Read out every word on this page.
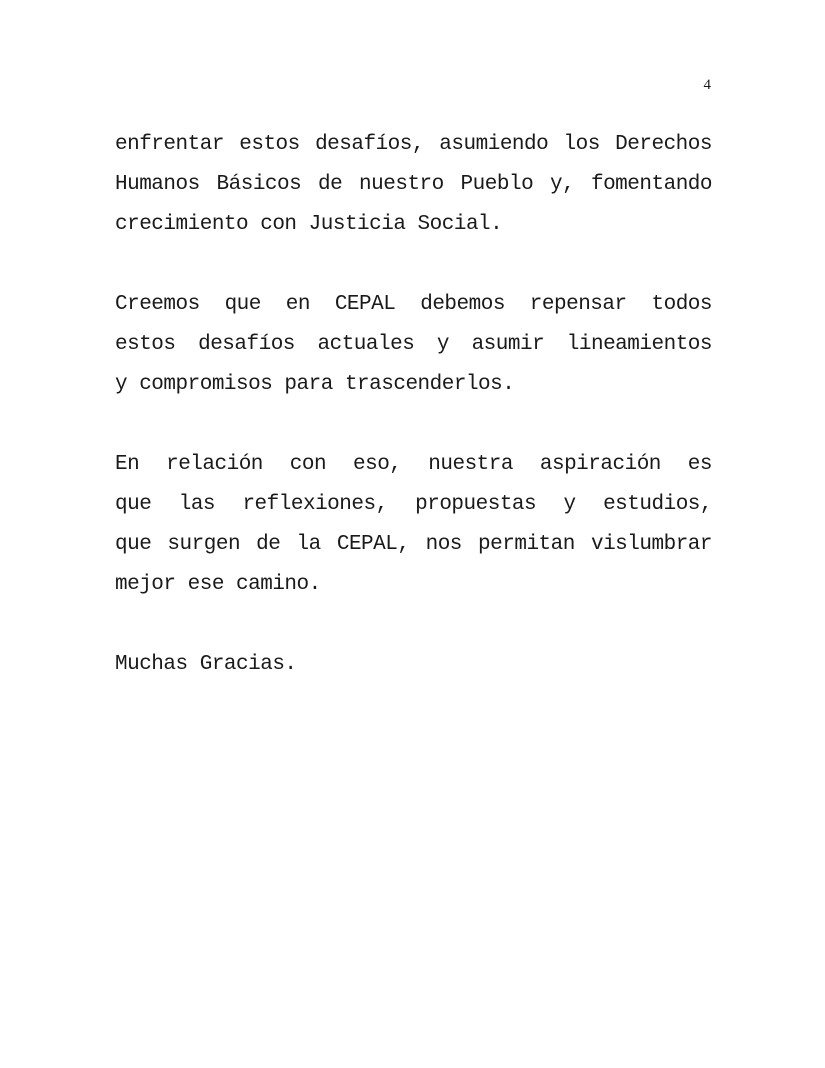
4
enfrentar estos desafíos, asumiendo los Derechos
Humanos Básicos de nuestro Pueblo y, fomentando
crecimiento con Justicia Social.
Creemos que en CEPAL debemos repensar todos
estos desafíos actuales y asumir lineamientos
y compromisos para trascenderlos.
En relación con eso, nuestra aspiración es
que las reflexiones, propuestas y estudios,
que surgen de la CEPAL, nos permitan vislumbrar
mejor ese camino.
Muchas Gracias.
